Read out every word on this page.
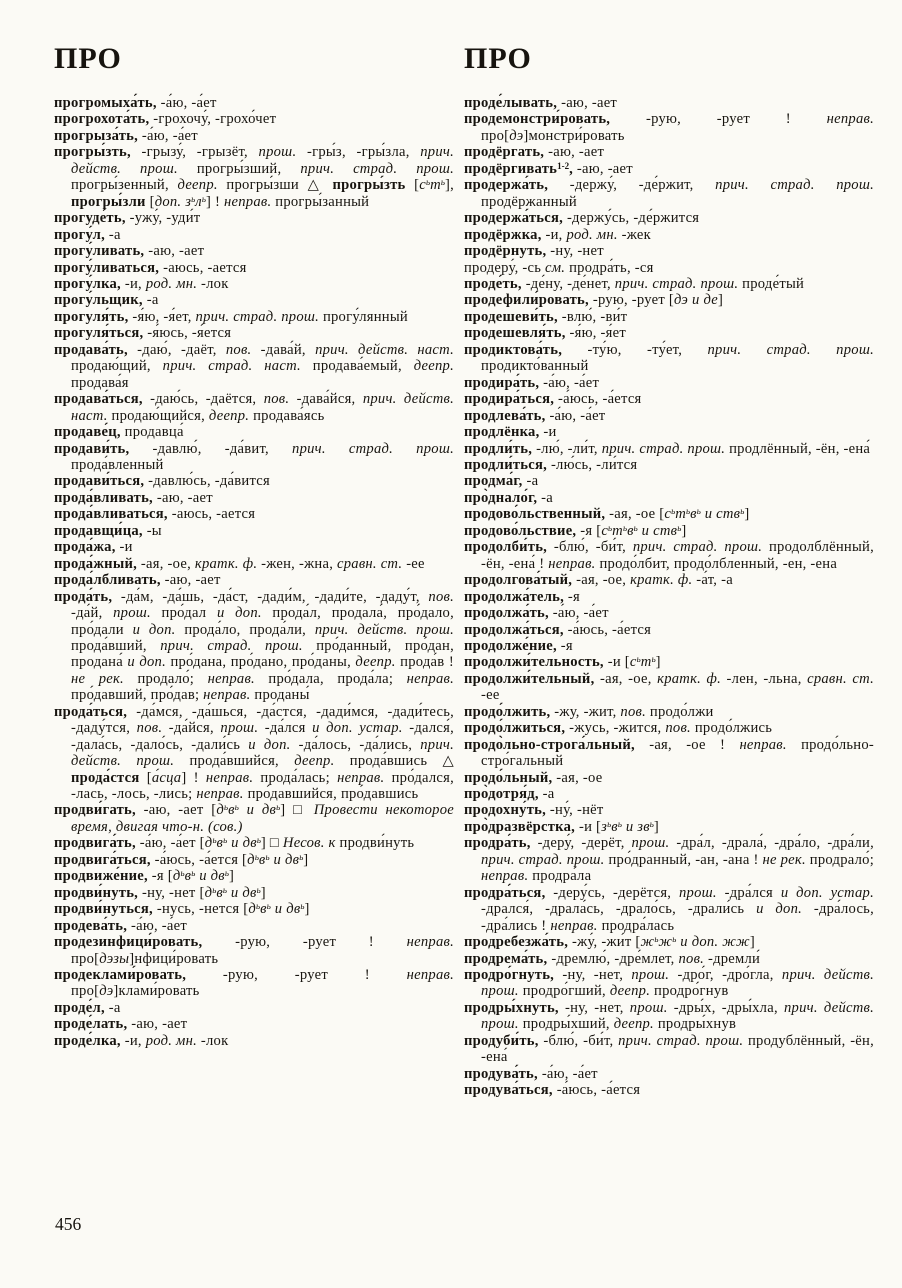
ПРО

прогромыха́ть, -а́ю, -а́ет

прогрохота́ть, -грохочу́, -грохо́чет

прогрыза́ть, -а́ю, -а́ет

прогры́зть, -грызу́, -грызёт, прош. -гры́з, -гры́зла, прич. действ. прош. прогры́зший, прич. страд. прош. прогры́зенный, деепр. прогры́зши △ прогры́зть $[с^ьт^ь]$, прогры́зли [доп. $з^ьл^ь$] ! неправ. прогры́занный

прогуде́ть, -ужу́, -уди́т

прогу́л, -а

прогу́ливать, -аю, -ает

прогу́ливаться, -аюсь, -ается

прогу́лка, -и, род. мн. -лок

прогу́льщик, -а

прогуля́ть, -я́ю, -я́ет, прич. страд. прош. прогу́лянный

прогуля́ться, -я́юсь, -я́ется

продава́ть, -даю́, -даёт, пов. -дава́й, прич. действ. наст. продаю́щий, прич. страд. наст. продава́емый, деепр. продава́я

продава́ться, -даю́сь, -даётся, пов. -дава́йся, прич. действ. наст. продаю́щийся, деепр. продава́ясь

продаве́ц, продавца́

продави́ть, -давлю́, -да́вит, прич. страд. прош. прода́вленный

продави́ться, -давлю́сь, -да́вится

прода́вливать, -аю, -ает

прода́вливаться, -аюсь, -ается

продавщи́ца, -ы

прода́жа, -и

прода́жный, -ая, -ое, кратк. ф. -жен, -жна, сравн. ст. -ее

прода́лбливать, -аю, -ает

прода́ть, -да́м, -да́шь, -да́ст, -дади́м, -дади́те, -даду́т, пов. -да́й, прош. про́дал и доп. прода́л, продала́, про́дало, про́дали и доп. прода́ло, прода́ли, прич. действ. прош. прода́вший, прич. страд. прош. про́данный, про́дан, продана́ и доп. про́дана, про́дано, про́даны, деепр. прода́в ! не рек. продало́; неправ. про́дала, прода́ла; неправ. про́давший, про́дав; неправ. проданы́

прода́ться, -да́мся, -да́шься, -да́стся, -дади́мся, -дади́тесь, -даду́тся, пов. -да́йся, прош. -да́лся и доп. устар. -дался́, -дала́сь, -дало́сь, -дали́сь и доп. -да́лось, -да́лись, прич. действ. прош. прода́вшийся, деепр. прода́вшись △ прода́стся [а́сца] ! неправ. прода́лась; неправ. про́дался, -лась, -лось, -лись; неправ. про́давшийся, про́давшись

продви́гать, -аю, -ает [$д^ьв^ь$ и $дв^ь$] □ Провести некоторое время, двигая что-н. (сов.)

продвига́ть, -а́ю, -а́ет [$д^ьв^ь$ и $дв^ь$] □ Несов. к продви́нуть

продвига́ться, -а́юсь, -а́ется [$д^ьв^ь$ и $дв^ь$]

продвиже́ние, -я [$д^ьв^ь$ и $дв^ь$]

продви́нуть, -ну, -нет [$д^ьв^ь$ и $дв^ь$]

продви́нуться, -нусь, -нется [$д^ьв^ь$ и $дв^ь$]

продева́ть, -а́ю, -а́ет

продезинфици́ровать, -рую, -рует ! неправ. про[дэзы]нфици́ровать

продеклами́ровать, -рую, -рует ! неправ. про[дэ]клами́ровать

проде́л, -а

проде́лать, -аю, -ает

проде́лка, -и, род. мн. -лок

ПРО

проде́лывать, -аю, -ает

продемонстри́ровать, -рую, -рует ! неправ. про[дэ]монстри́ровать

продёргать, -аю, -ает

продёргивать$^{1-2}$, -аю, -ает

продержа́ть, -держу́, -де́ржит, прич. страд. прош. продёржанный

продержа́ться, -держу́сь, -де́ржится

продёржка, -и, род. мн. -жек

продёрнуть, -ну, -нет

продеру́, -сь см. продра́ть, -ся

проде́ть, -де́ну, -де́нет, прич. страд. прош. проде́тый

продефили́ровать, -рую, -рует [дэ и де]

продешеви́ть, -влю́, -ви́т

продешевля́ть, -я́ю, -я́ет

продиктова́ть, -ту́ю, -ту́ет, прич. страд. прош. продикто́ванный

продира́ть, -а́ю, -а́ет

продира́ться, -а́юсь, -а́ется

продлева́ть, -а́ю, -а́ет

продлёнка, -и

продли́ть, -лю́, -ли́т, прич. страд. прош. продлённый, -ён, -ена́

продли́ться, -лю́сь, -ли́тся

продма́г, -а

про̀днало́г, -а

продово́льственный, -ая, -ое [$с^ьт^ьв^ь$ и ств$^ь$]

продово́льствие, -я [$с^ьт^ьв^ь$ и ств$^ь$]

продолби́ть, -блю́, -би́т, прич. страд. прош. продолблённый, -ён, -ена́ ! неправ. продо́лбит, продо́лбленный, -ен, -ена

продолгова́тый, -ая, -ое, кратк. ф. -а́т, -а

продолжа́тель, -я

продолжа́ть, -а́ю, -а́ет

продолжа́ться, -а́юсь, -а́ется

продолже́ние, -я

продолжи́тельность, -и $[с^ьт^ь]$

продолжи́тельный, -ая, -ое, кратк. ф. -лен, -льна, сравн. ст. -ее

продо́лжить, -жу, -жит, пов. продо́лжи

продо́лжиться, -жусь, -жится, пов. продо́лжись

продо̀льно-строга́льный, -ая, -ое ! неправ. продо́льно-стро́гальный

продо́льный, -ая, -ое

про̀дотря́д, -а

продохну́ть, -ну́, -нёт

про̀дразвёрстка, -и [$з^ьв^ь$ и $зв^ь$]

продра́ть, -деру́, -дерёт, прош. -дра́л, -драла́, -дра́ло, -дра́ли, прич. страд. прош. про́дранный, -ан, -ана ! не рек. продрало́; неправ. продра́ла

продра́ться, -деру́сь, -дерётся, прош. -дра́лся и доп. устар. -дрался́, -драла́сь, -драло́сь, -драли́сь и доп. -дра́лось, -дра́лись ! неправ. продра́лась

продребезжа́ть, -жу́, -жи́т [$ж^ьж^ь$ и доп. жж]

продрема́ть, -дремлю́, -дре́млет, пов. -дремли́

продро́гнуть, -ну, -нет, прош. -дро́г, -дро́гла, прич. действ. прош. продро́гший, деепр. продро́гнув

продры́хнуть, -ну, -нет, прош. -дры́х, -дры́хла, прич. действ. прош. продры́хший, деепр. продры́хнув

продуби́ть, -блю́, -би́т, прич. страд. прош. продублённый, -ён, -ена́

продува́ть, -а́ю, -а́ет

продува́ться, -а́юсь, -а́ется

456
